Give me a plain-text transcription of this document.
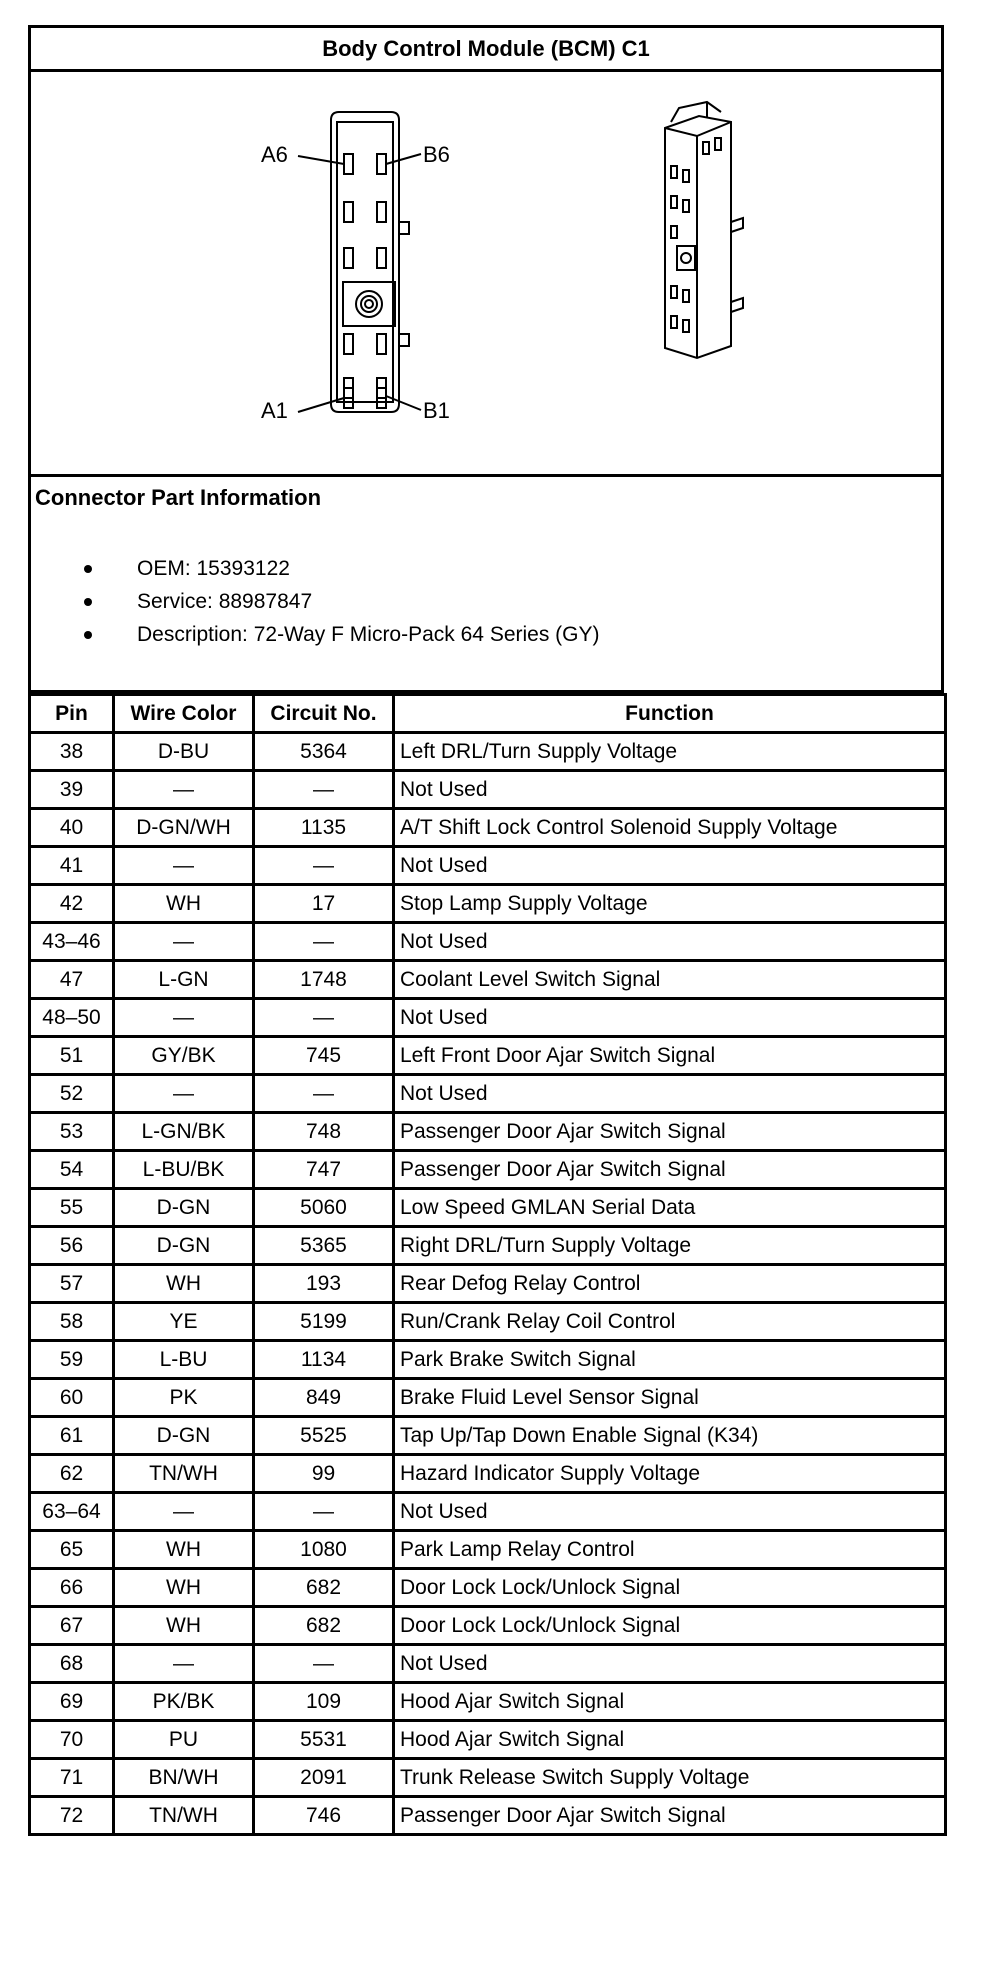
Body Control Module (BCM) C1
A6	B6
A1	B1
Connector Part Information
OEM: 15393122
Service: 88987847
Description: 72-Way F Micro-Pack 64 Series (GY)
Pin	Wire Color	Circuit No.	Function
38	D-BU	5364	Left DRL/Turn Supply Voltage
39	—	—	Not Used
40	D-GN/WH	1135	A/T Shift Lock Control Solenoid Supply Voltage
41	—	—	Not Used
42	WH	17	Stop Lamp Supply Voltage
43–46	—	—	Not Used
47	L-GN	1748	Coolant Level Switch Signal
48–50	—	—	Not Used
51	GY/BK	745	Left Front Door Ajar Switch Signal
52	—	—	Not Used
53	L-GN/BK	748	Passenger Door Ajar Switch Signal
54	L-BU/BK	747	Passenger Door Ajar Switch Signal
55	D-GN	5060	Low Speed GMLAN Serial Data
56	D-GN	5365	Right DRL/Turn Supply Voltage
57	WH	193	Rear Defog Relay Control
58	YE	5199	Run/Crank Relay Coil Control
59	L-BU	1134	Park Brake Switch Signal
60	PK	849	Brake Fluid Level Sensor Signal
61	D-GN	5525	Tap Up/Tap Down Enable Signal (K34)
62	TN/WH	99	Hazard Indicator Supply Voltage
63–64	—	—	Not Used
65	WH	1080	Park Lamp Relay Control
66	WH	682	Door Lock Lock/Unlock Signal
67	WH	682	Door Lock Lock/Unlock Signal
68	—	—	Not Used
69	PK/BK	109	Hood Ajar Switch Signal
70	PU	5531	Hood Ajar Switch Signal
71	BN/WH	2091	Trunk Release Switch Supply Voltage
72	TN/WH	746	Passenger Door Ajar Switch Signal
